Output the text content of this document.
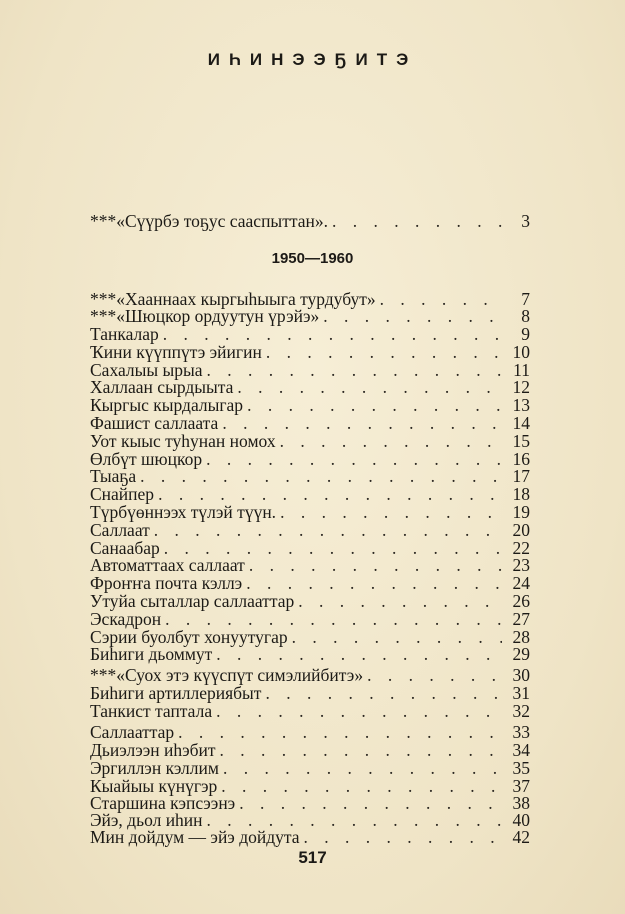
ИҺИНЭЭҔИТЭ
***«Сүүрбэ тоҕус сааспыттан». . . .	3
1950—1960
***«Хааннаах кыргыһыыга турдубут» . . .	7
***«Шюцкор ордуутун үрэйэ» . . .	8
Танкалар . . .	9
Ҡини күүппүтэ эйигин . . .	10
Сахалыы ырыа . . .	11
Халлаан сырдыыта . . .	12
Кыргыс кырдалыгар . . .	13
Фашист саллаата . . .	14
Уот кыыс туһунан номох . . .	15
Өлбүт шюцкор . . .	16
Тыаҕа . . .	17
Снайпер . . .	18
Түрбүөннээх түлэй түүн. . . .	19
Саллаат . . .	20
Санаабар . . .	22
Автоматтаах саллаат . . .	23
Фроҥҥа почта кэллэ . . .	24
Утуйа сыталлар саллааттар . . .	26
Эскадрон . . .	27
Сэрии буолбут хонуутугар . . .	28
Биһиги дьоммут . . .	29
***«Суох этэ күүспүт симэлийбитэ» . . .	30
Биһиги артиллериябыт . . .	31
Танкист таптала . . .	32
Саллааттар . . .	33
Дьиэлээн иһэбит . . .	34
Эргиллэн кэллим . . .	35
Кыайыы күнүгэр . . .	37
Старшина кэпсээнэ . . .	38
Эйэ, дьол иһин . . .	40
Мин дойдум — эйэ дойдута . . .	42
517
